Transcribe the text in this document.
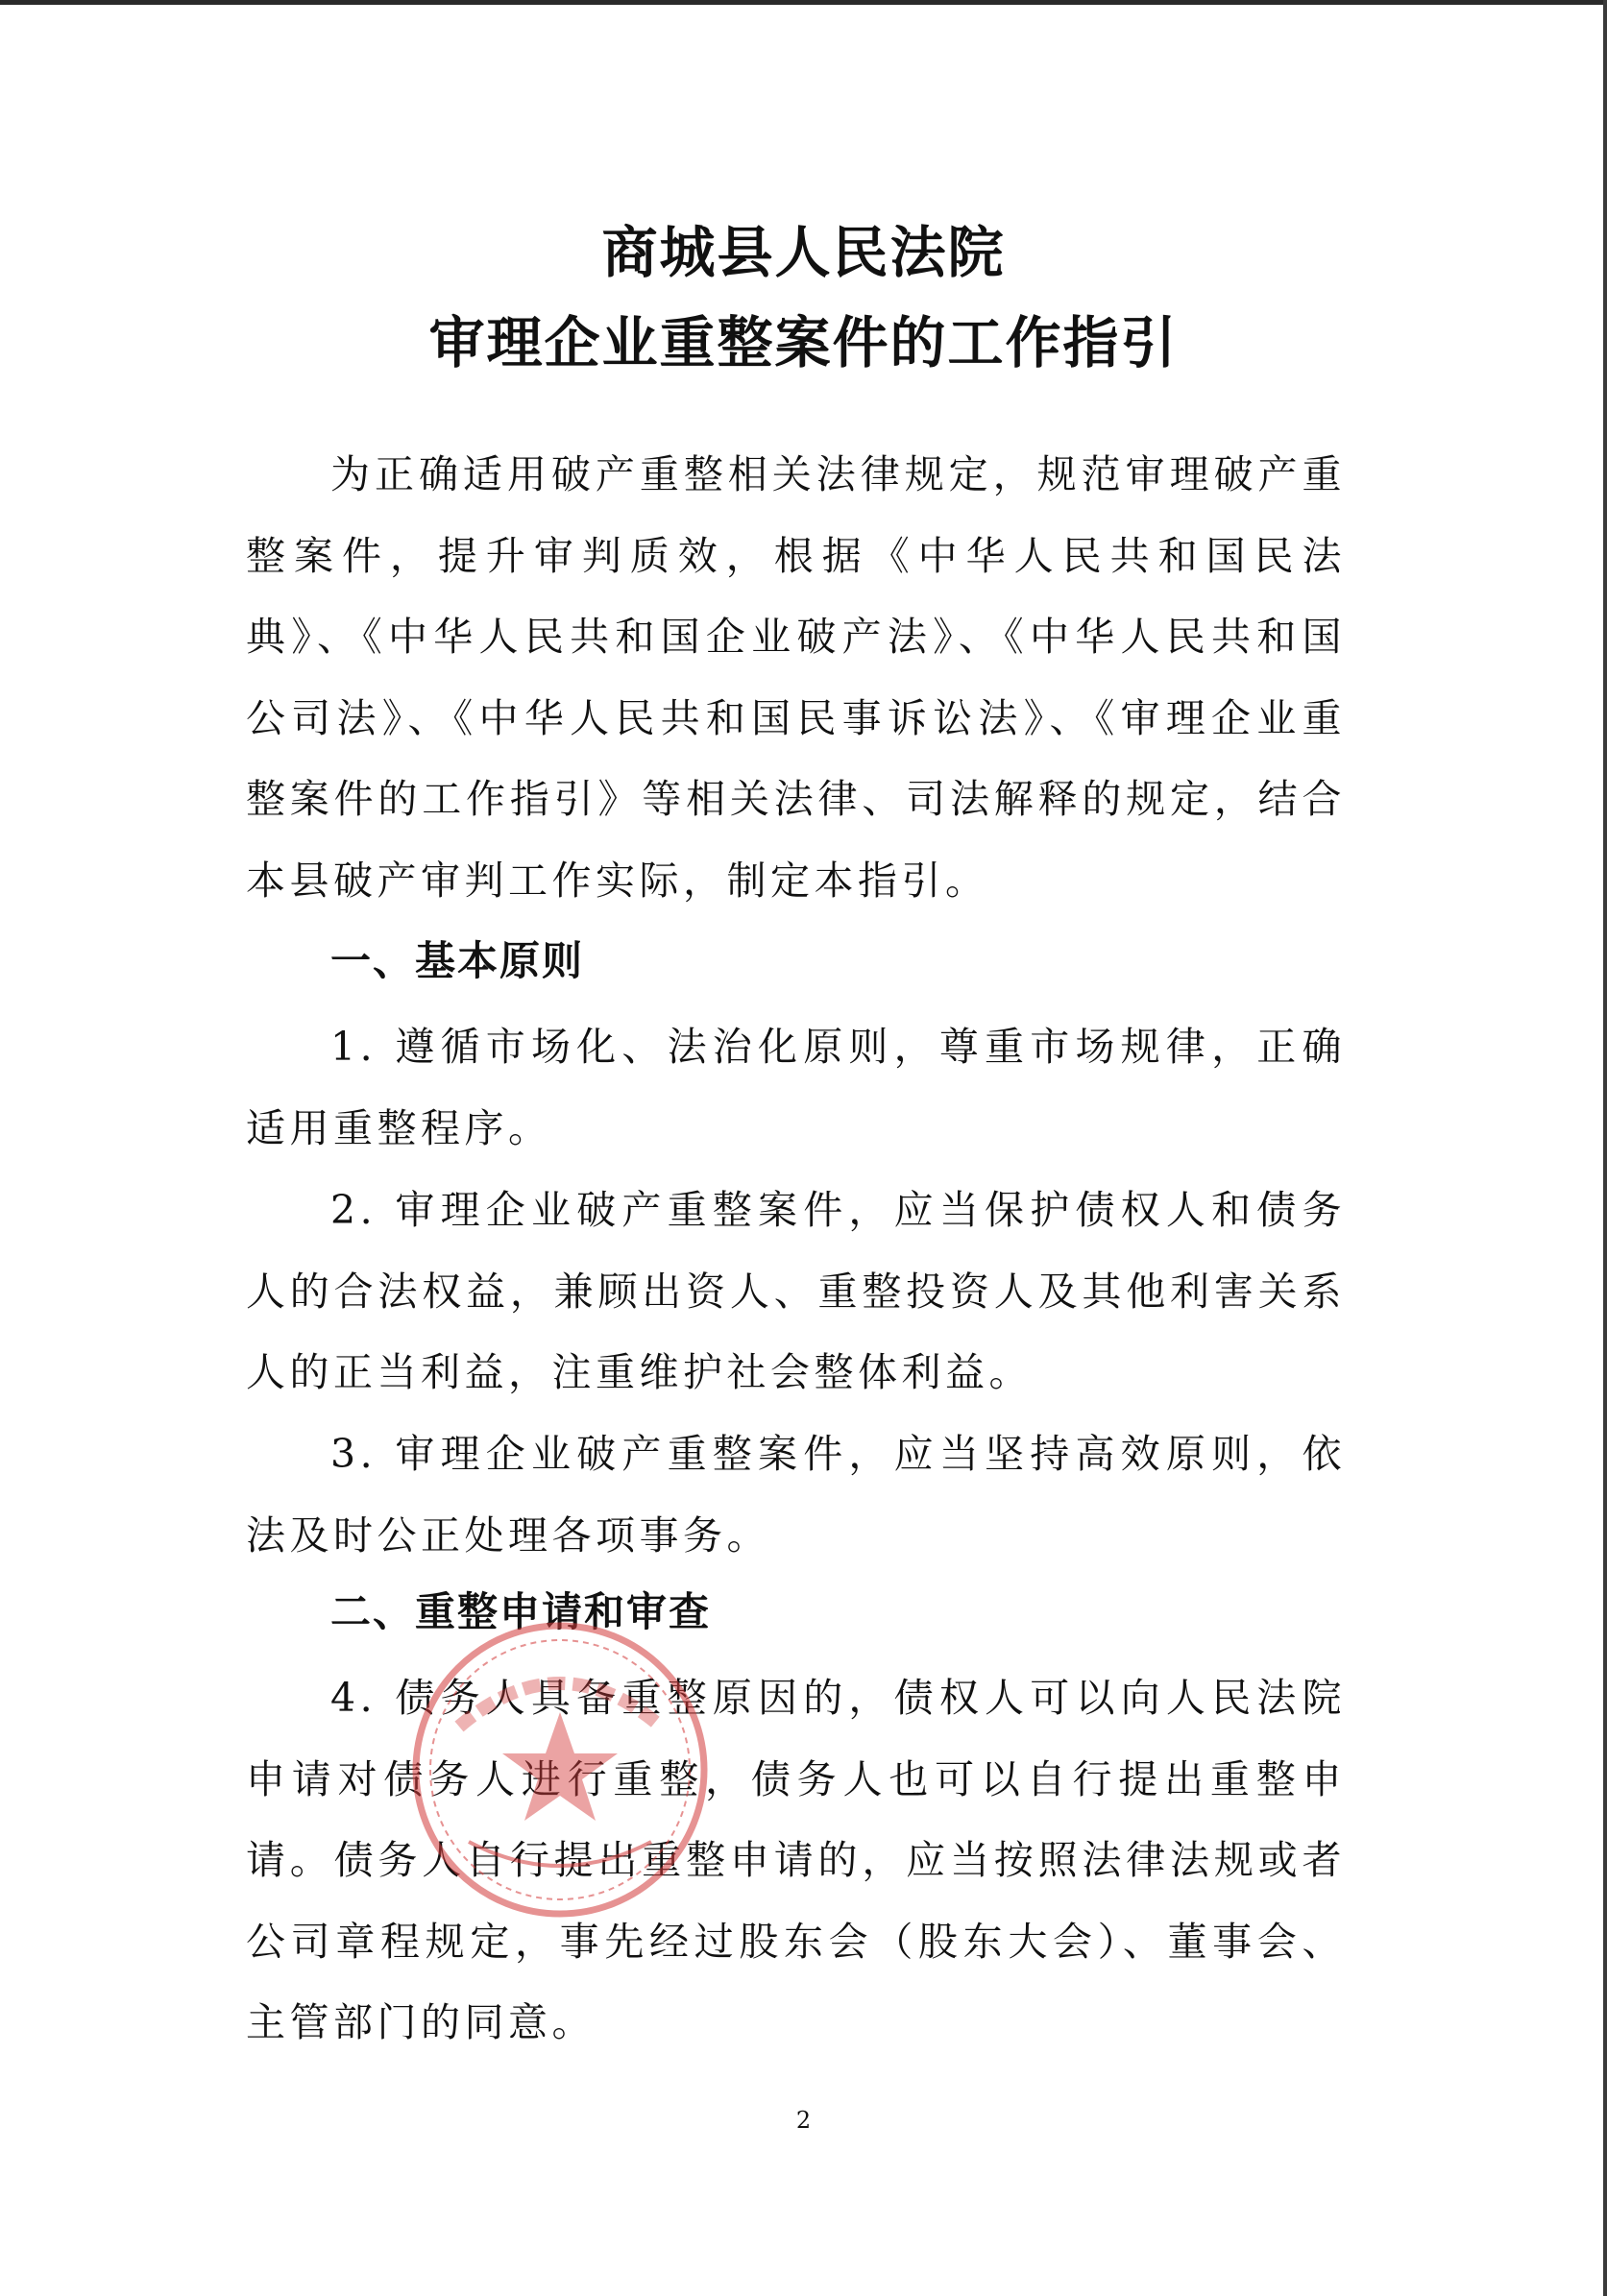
商城县人民法院
审理企业重整案件的工作指引

为正确适用破产重整相关法律规定，规范审理破产重整案件，提升审判质效，根据《中华人民共和国民法典》、《中华人民共和国企业破产法》、《中华人民共和国公司法》、《中华人民共和国民事诉讼法》、《审理企业重整案件的工作指引》等相关法律、司法解释的规定，结合本县破产审判工作实际，制定本指引。

一、基本原则

1. 遵循市场化、法治化原则，尊重市场规律，正确适用重整程序。

2. 审理企业破产重整案件，应当保护债权人和债务人的合法权益，兼顾出资人、重整投资人及其他利害关系人的正当利益，注重维护社会整体利益。

3. 审理企业破产重整案件，应当坚持高效原则，依法及时公正处理各项事务。

二、重整申请和审查

4. 债务人具备重整原因的，债权人可以向人民法院申请对债务人进行重整，债务人也可以自行提出重整申请。债务人自行提出重整申请的，应当按照法律法规或者公司章程规定，事先经过股东会（股东大会）、董事会、主管部门的同意。

2
